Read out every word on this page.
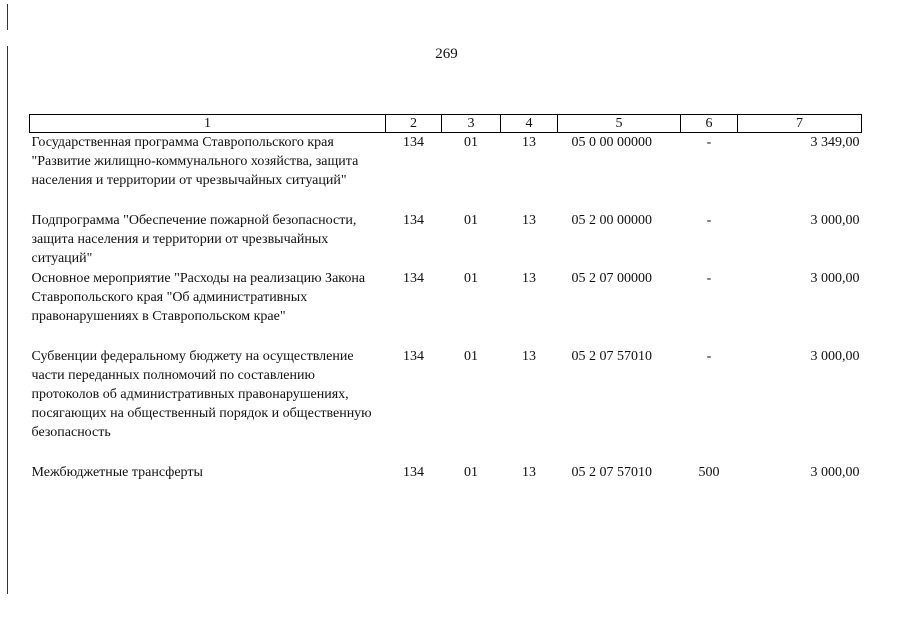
269
1	2	3	4	5	6	7
Государственная программа Ставропольского края "Развитие жилищно-коммунального хозяйства, защита населения и территории от чрезвычайных ситуаций"	134	01	13	05 0 00 00000	-	3 349,00
Подпрограмма "Обеспечение пожарной безопасности, защита населения и территории от чрезвычайных ситуаций"	134	01	13	05 2 00 00000	-	3 000,00
Основное мероприятие "Расходы на реализацию Закона Ставропольского края "Об административных правонарушениях в Ставропольском крае"	134	01	13	05 2 07 00000	-	3 000,00
Субвенции федеральному бюджету на осуществление части переданных полномочий по составлению протоколов об административных правонарушениях, посягающих на общественный порядок и общественную безопасность	134	01	13	05 2 07 57010	-	3 000,00
Межбюджетные трансферты	134	01	13	05 2 07 57010	500	3 000,00
